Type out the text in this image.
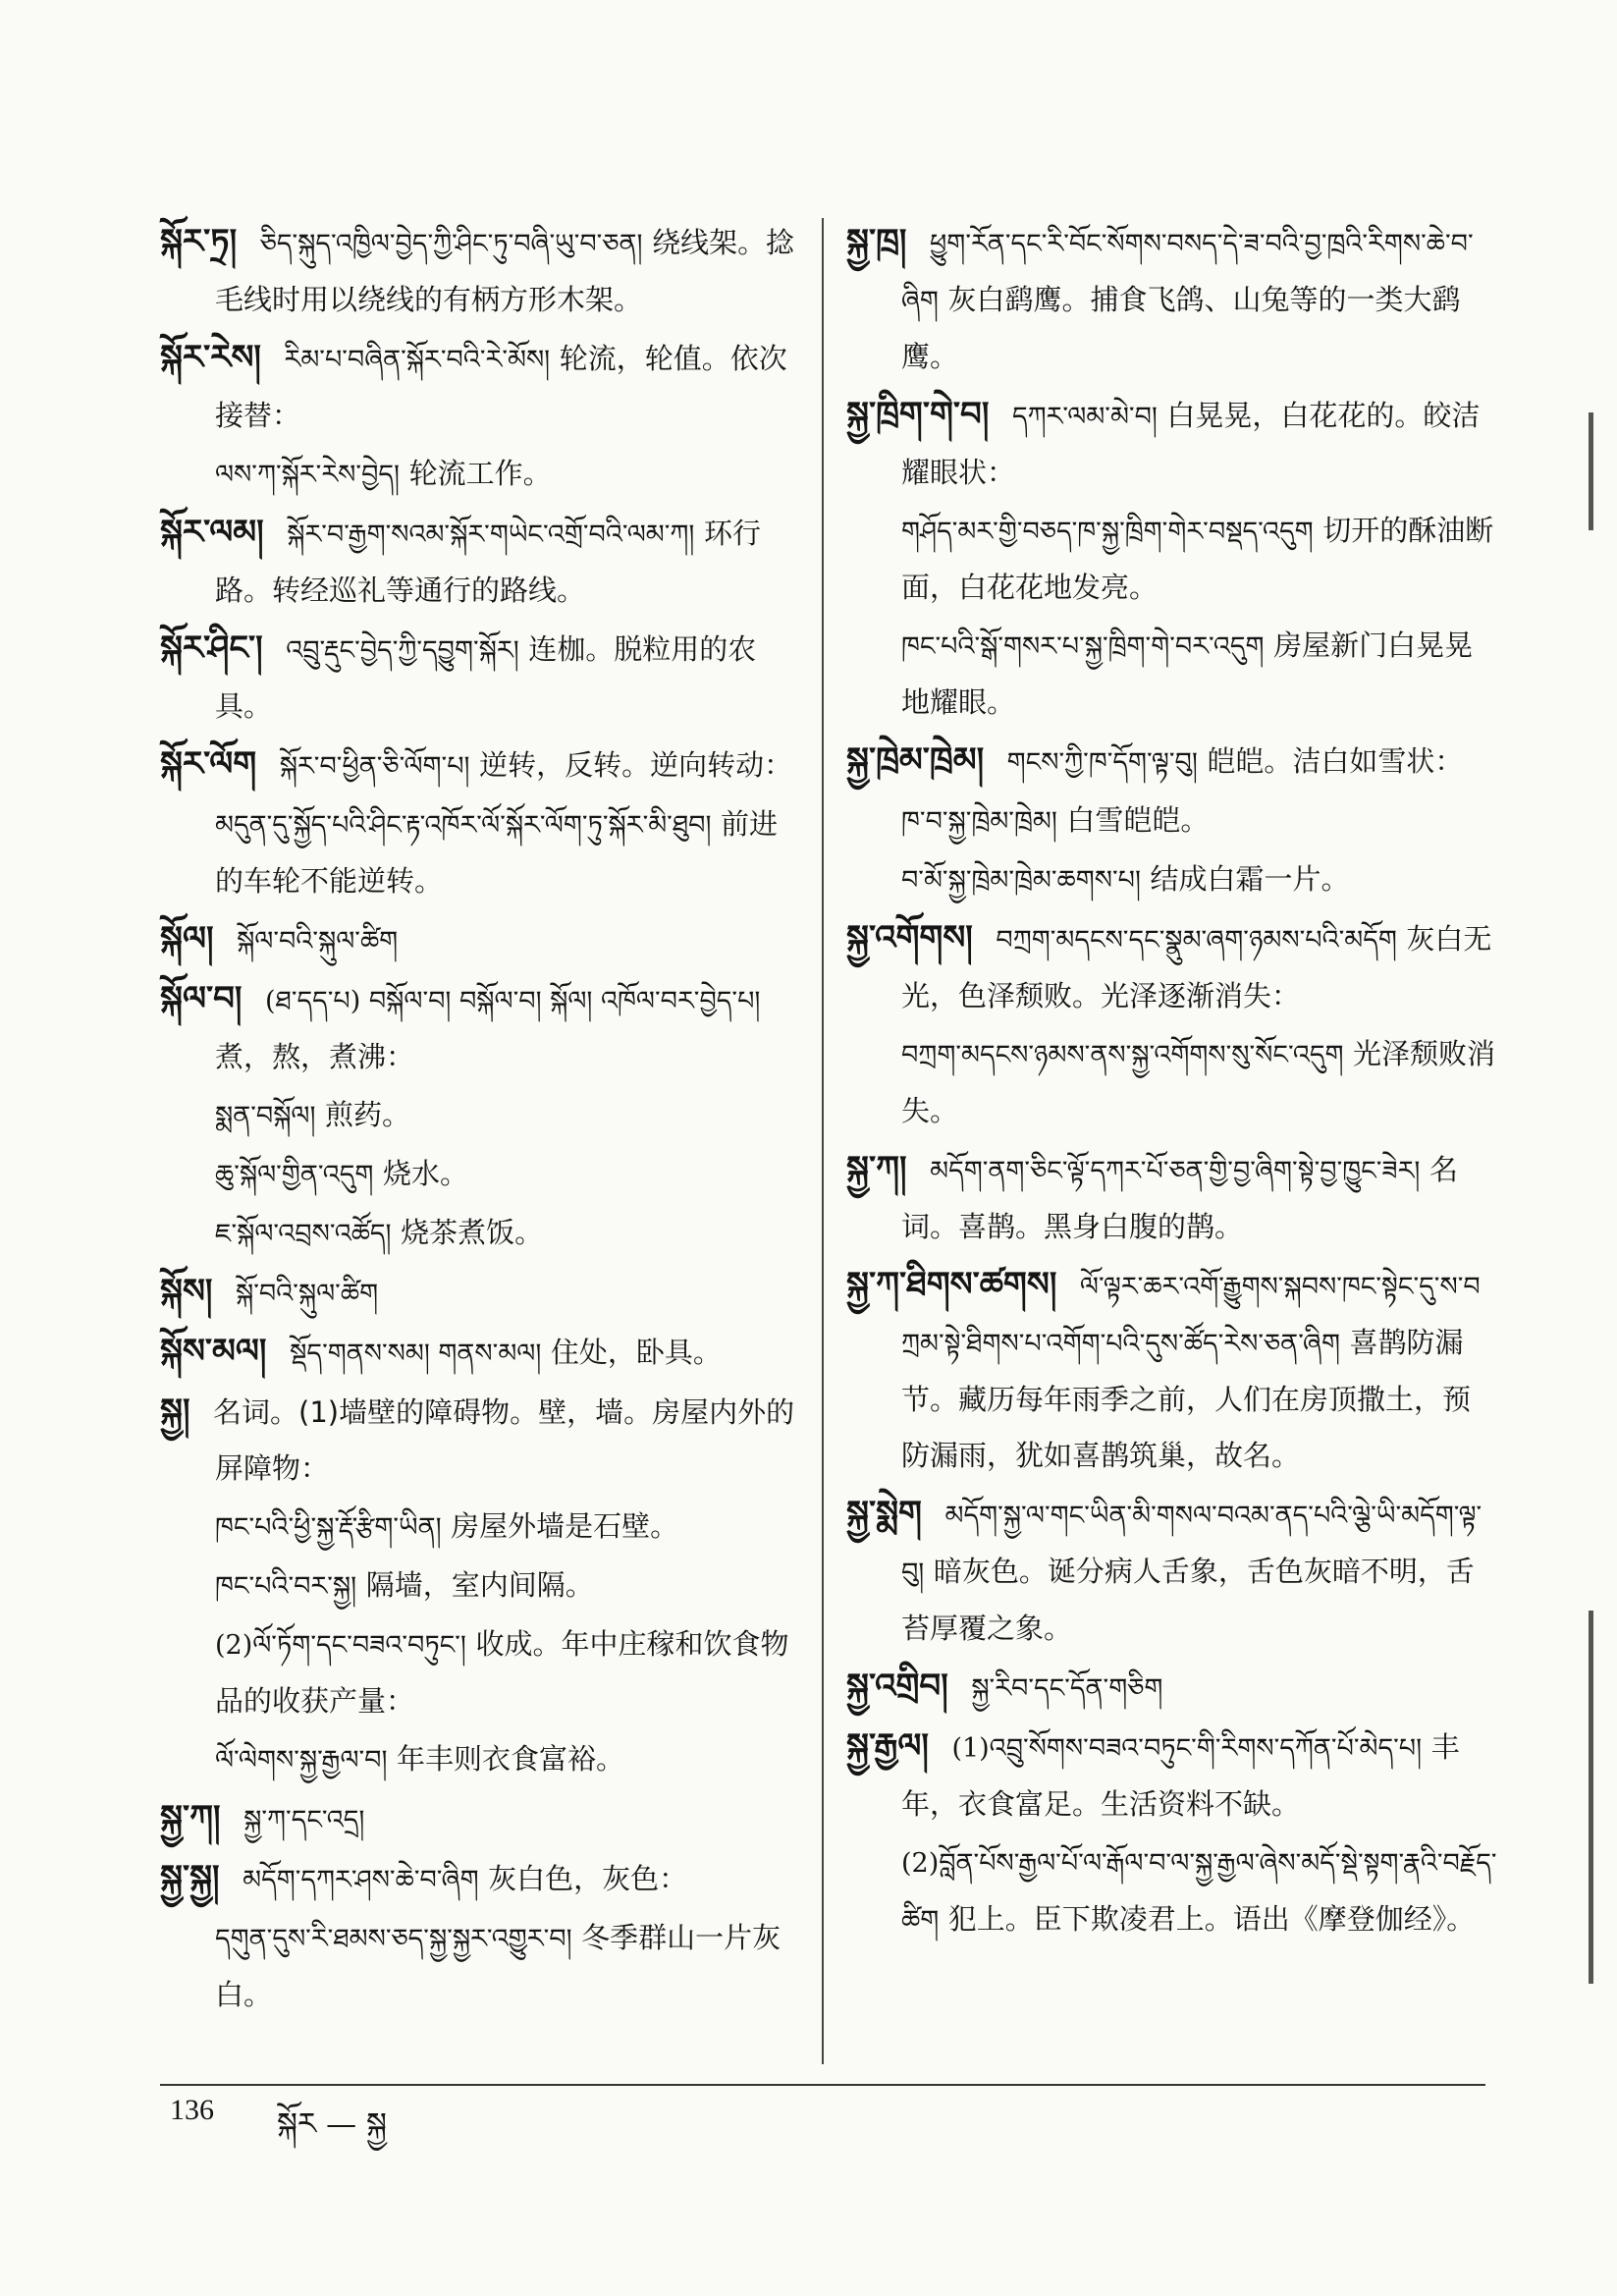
སྐོར་ཏྲ། ཅིད་སྐུད་འཁྱིལ་བྱེད་ཀྱི་ཤིང་ཏུ་བཞི་ཡུ་བ་ཅན། 绕线架。捻毛线时用以绕线的有柄方形木架。
སྐོར་རེས། རིམ་པ་བཞིན་སྐོར་བའི་རེ་མོས། 轮流，轮值。依次接替：
ལས་ཀ་སྐོར་རེས་བྱེད། 轮流工作。
སྐོར་ལམ། སྐོར་བ་རྒྱག་སའམ་སྐོར་གཡེང་འགྲོ་བའི་ལམ་ཀ། 环行路。转经巡礼等通行的路线。
སྐོར་ཤིང་། འབྲུ་རྡུང་བྱེད་ཀྱི་དབྱུག་སྐོར། 连枷。脱粒用的农具。
སྐོར་ལོག སྐོར་བ་ཕྱིན་ཅི་ལོག་པ། 逆转，反转。逆向转动：
མདུན་དུ་སྐྱོད་པའི་ཤིང་རྟ་འཁོར་ལོ་སྐོར་ལོག་ཏུ་སྐོར་མི་ཐུབ། 前进的车轮不能逆转。
སྐོལ། སྐོལ་བའི་སྐུལ་ཚིག
སྐོལ་བ། (ཐ་དད་པ) བསྐོལ་བ། བསྐོལ་བ། སྐོལ། འཁོལ་བར་བྱེད་པ། 煮，熬，煮沸：
སྨན་བསྐོལ། 煎药。
ཆུ་སྐོལ་གྱིན་འདུག 烧水。
ཇ་སྐོལ་འབྲས་འཚོད། 烧茶煮饭。
སྐོས། སྐོ་བའི་སྐུལ་ཚིག
སྐོས་མལ། སྡོད་གནས་སམ། གནས་མལ། 住处，卧具。
སྐྱ། 名词。(1)墙壁的障碍物。壁，墙。房屋内外的屏障物：
ཁང་པའི་ཕྱི་སྐྱ་རྡོ་རྩིག་ཡིན། 房屋外墙是石壁。
ཁང་པའི་བར་སྐྱ། 隔墙，室内间隔。
(2)ལོ་ཏོག་དང་བཟའ་བཏུང་། 收成。年中庄稼和饮食物品的收获产量：
ལོ་ལེགས་སྐྱ་རྒྱལ་བ། 年丰则衣食富裕。
སྐྱ་ཀ། སྐྱ་ཀ་དང་འདྲ།
སྐྱ་སྐྱ། མདོག་དཀར་ཤས་ཆེ་བ་ཞིག 灰白色，灰色：
དགུན་དུས་རི་ཐམས་ཅད་སྐྱ་སྐྱར་འགྱུར་བ། 冬季群山一片灰白。
སྐྱ་ཁྲ། ཕྱུག་རོན་དང་རི་བོང་སོགས་བསད་དེ་ཟ་བའི་བྱ་ཁྲའི་རིགས་ཆེ་བ་ཞིག 灰白鹞鹰。捕食飞鸽、山兔等的一类大鹞鹰。
སྐྱ་ཁྲིག་གེ་བ། དཀར་ལམ་མེ་བ། 白晃晃，白花花的。皎洁耀眼状：
གཤོད་མར་གྱི་བཅད་ཁ་སྐྱ་ཁྲིག་གེར་བསྡད་འདུག 切开的酥油断面，白花花地发亮。
ཁང་པའི་སྒོ་གསར་པ་སྐྱ་ཁྲིག་གེ་བར་འདུག 房屋新门白晃晃地耀眼。
སྐྱ་ཁྲེམ་ཁྲེམ། གངས་ཀྱི་ཁ་དོག་ལྟ་བུ། 皑皑。洁白如雪状：
ཁ་བ་སྐྱ་ཁྲེམ་ཁྲེམ། 白雪皑皑。
བ་མོ་སྐྱ་ཁྲེམ་ཁྲེམ་ཆགས་པ། 结成白霜一片。
སྐྱ་འགོགས། བཀྲག་མདངས་དང་སྣུམ་ཞག་ཉམས་པའི་མདོག 灰白无光，色泽颓败。光泽逐渐消失：
བཀྲག་མདངས་ཉམས་ནས་སྐྱ་འགོགས་སུ་སོང་འདུག 光泽颓败消失。
སྐྱ་ཀ། མདོག་ནག་ཅིང་ལྟོ་དཀར་པོ་ཅན་གྱི་བྱ་ཞིག་སྟེ་བྱ་ཁྱུང་ཟེར། 名词。喜鹊。黑身白腹的鹊。
སྐྱ་ཀ་ཐིགས་ཚགས། ལོ་ལྟར་ཆར་འགོ་རྒྱུགས་སྐབས་ཁང་སྟེང་དུ་ས་བཀྲམ་སྟེ་ཐིགས་པ་འགོག་པའི་དུས་ཚོད་རེས་ཅན་ཞིག 喜鹊防漏节。藏历每年雨季之前，人们在房顶撒土，预防漏雨，犹如喜鹊筑巢，故名。
སྐྱ་སྨེག མདོག་སྐྱ་ལ་གང་ཡིན་མི་གསལ་བའམ་ནད་པའི་ལྕེ་ཡི་མདོག་ལྟ་བུ། 暗灰色。诞分病人舌象，舌色灰暗不明，舌苔厚覆之象。
སྐྱ་འགྲིབ། སྐྱ་རིབ་དང་དོན་གཅིག
སྐྱ་རྒྱལ། (1)འབྲུ་སོགས་བཟའ་བཏུང་གི་རིགས་དཀོན་པོ་མེད་པ། 丰年，衣食富足。生活资料不缺。
(2)བློན་པོས་རྒྱལ་པོ་ལ་རྒོལ་བ་ལ་སྐྱ་རྒྱལ་ཞེས་མདོ་སྡེ་སྟག་རྣའི་བརྗོད་ཚིག 犯上。臣下欺凌君上。语出《摩登伽经》。
136 སྐོར — སྐྱ
